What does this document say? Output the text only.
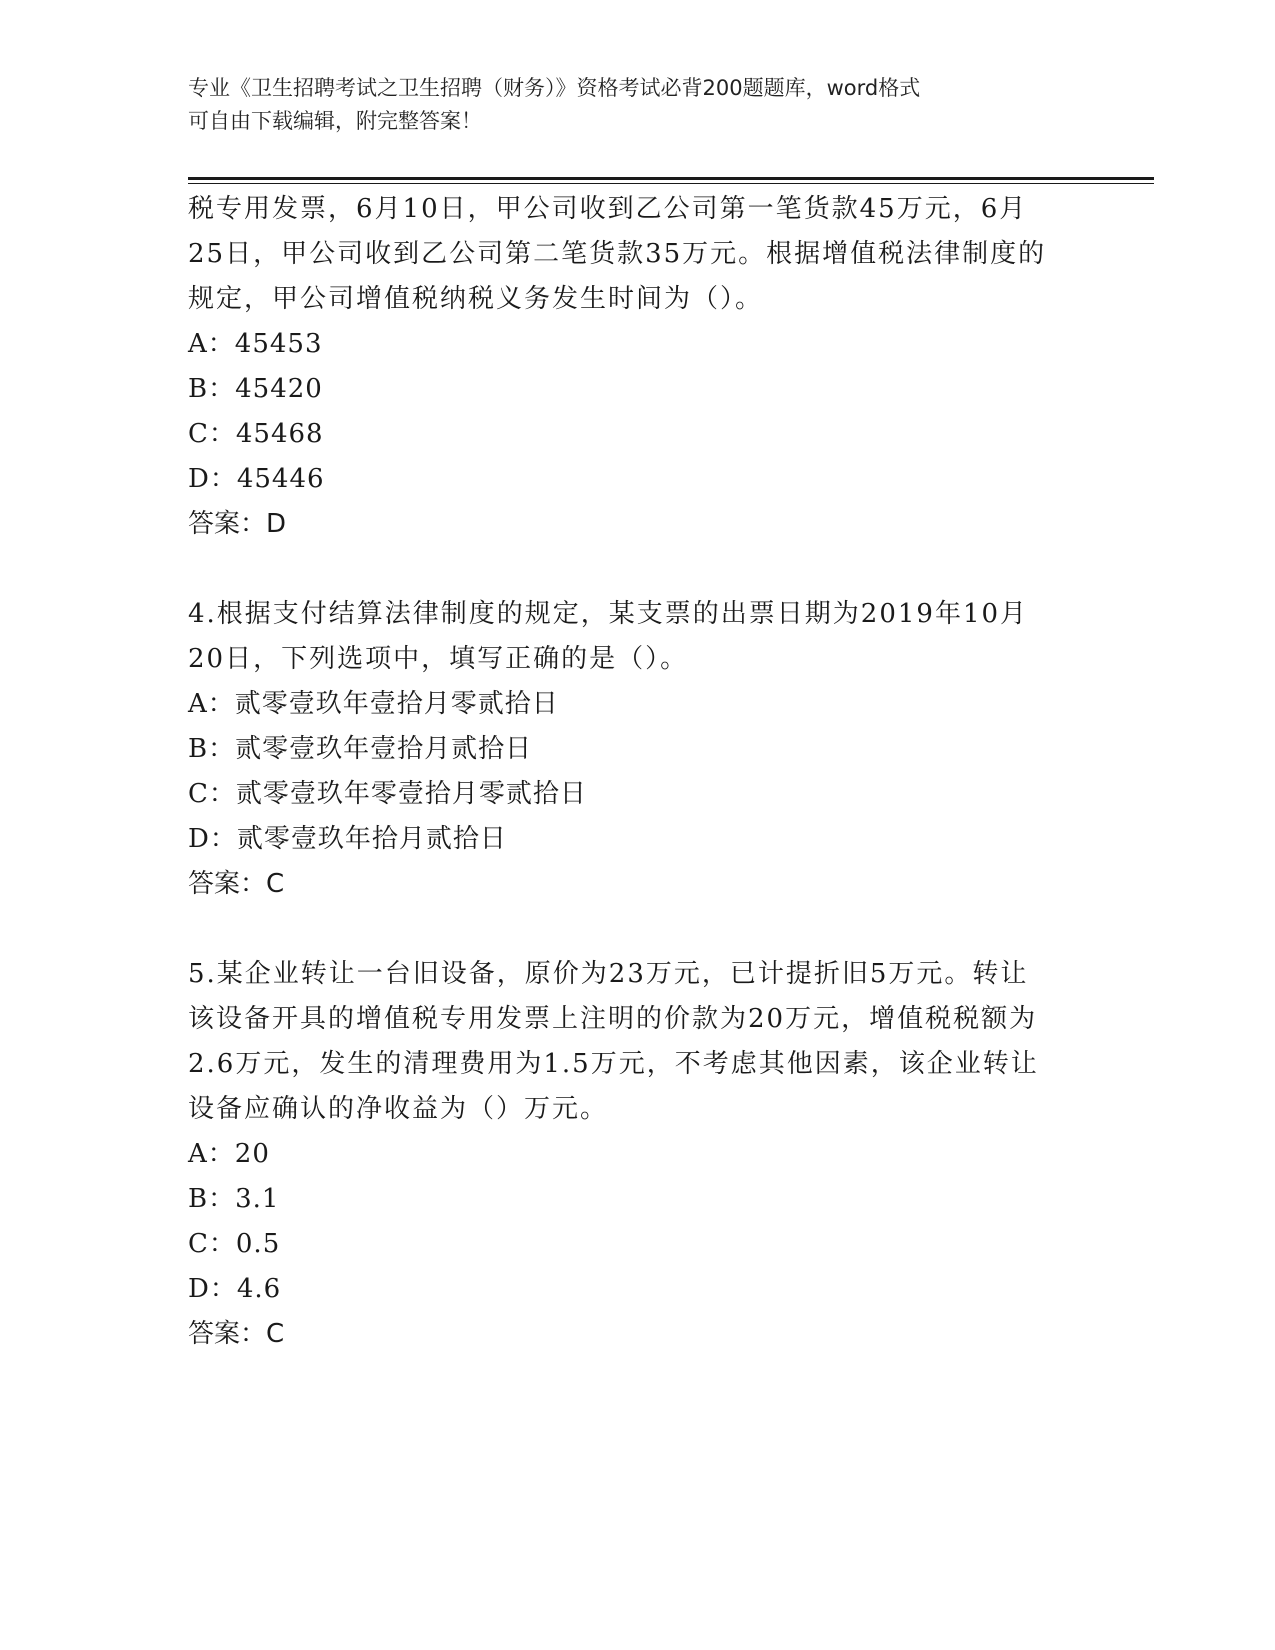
专业《卫生招聘考试之卫生招聘（财务）》资格考试必背200题题库，word格式
可自由下载编辑，附完整答案！

税专用发票，6月10日，甲公司收到乙公司第一笔货款45万元，6月

25日，甲公司收到乙公司第二笔货款35万元。根据增值税法律制度的

规定，甲公司增值税纳税义务发生时间为（）。

A：45453

B：45420

C：45468

D：45446

答案：D

4.根据支付结算法律制度的规定，某支票的出票日期为2019年10月

20日，下列选项中，填写正确的是（）。

A：贰零壹玖年壹拾月零贰拾日

B：贰零壹玖年壹拾月贰拾日

C：贰零壹玖年零壹拾月零贰拾日

D：贰零壹玖年拾月贰拾日

答案：C

5.某企业转让一台旧设备，原价为23万元，已计提折旧5万元。转让

该设备开具的增值税专用发票上注明的价款为20万元，增值税税额为

2.6万元，发生的清理费用为1.5万元，不考虑其他因素，该企业转让

设备应确认的净收益为（）万元。

A：20

B：3.1

C：0.5

D：4.6

答案：C
